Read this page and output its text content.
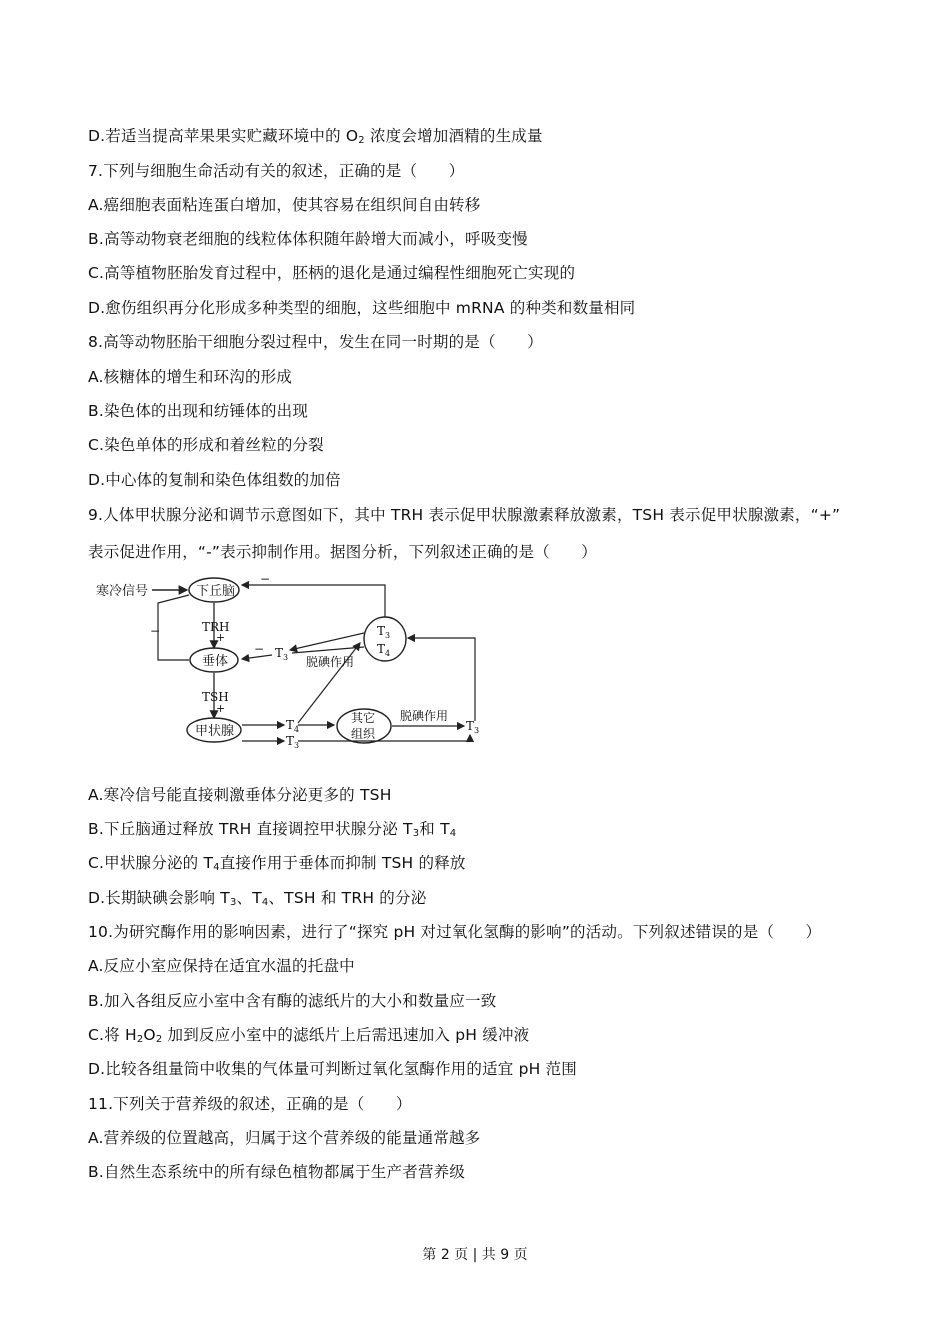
D.若适当提高苹果果实贮藏环境中的 $O_2$ 浓度会增加酒精的生成量
7.下列与细胞生命活动有关的叙述，正确的是（　　）
A.癌细胞表面粘连蛋白增加，使其容易在组织间自由转移
B.高等动物衰老细胞的线粒体体积随年龄增大而减小，呼吸变慢
C.高等植物胚胎发育过程中，胚柄的退化是通过编程性细胞死亡实现的
D.愈伤组织再分化形成多种类型的细胞，这些细胞中 mRNA 的种类和数量相同
8.高等动物胚胎干细胞分裂过程中，发生在同一时期的是（　　）
A.核糖体的增生和环沟的形成
B.染色体的出现和纺锤体的出现
C.染色单体的形成和着丝粒的分裂
D.中心体的复制和染色体组数的加倍
9.人体甲状腺分泌和调节示意图如下，其中 TRH 表示促甲状腺激素释放激素，TSH 表示促甲状腺激素，“+”
表示促进作用，“-”表示抑制作用。据图分析，下列叙述正确的是（　　）
寒冷信号	下丘脑
TRH
+
垂体
TSH
+
甲状腺	$T_4$
$T_3$
其它
组织
脱碘作用
$T_3$
$T_3$
$T_4$
−
$T_3$
−
脱碘作用
−
A.寒冷信号能直接刺激垂体分泌更多的 TSH
B.下丘脑通过释放 TRH 直接调控甲状腺分泌 $T_3$和 $T_4$
C.甲状腺分泌的 $T_4$直接作用于垂体而抑制 TSH 的释放
D.长期缺碘会影响 $T_3$、$T_4$、TSH 和 TRH 的分泌
10.为研究酶作用的影响因素，进行了“探究 pH 对过氧化氢酶的影响”的活动。下列叙述错误的是（　　）
A.反应小室应保持在适宜水温的托盘中
B.加入各组反应小室中含有酶的滤纸片的大小和数量应一致
C.将 $H_2O_2$ 加到反应小室中的滤纸片上后需迅速加入 pH 缓冲液
D.比较各组量筒中收集的气体量可判断过氧化氢酶作用的适宜 pH 范围
11.下列关于营养级的叙述，正确的是（　　）
A.营养级的位置越高，归属于这个营养级的能量通常越多
B.自然生态系统中的所有绿色植物都属于生产者营养级
第 2 页 | 共 9 页
